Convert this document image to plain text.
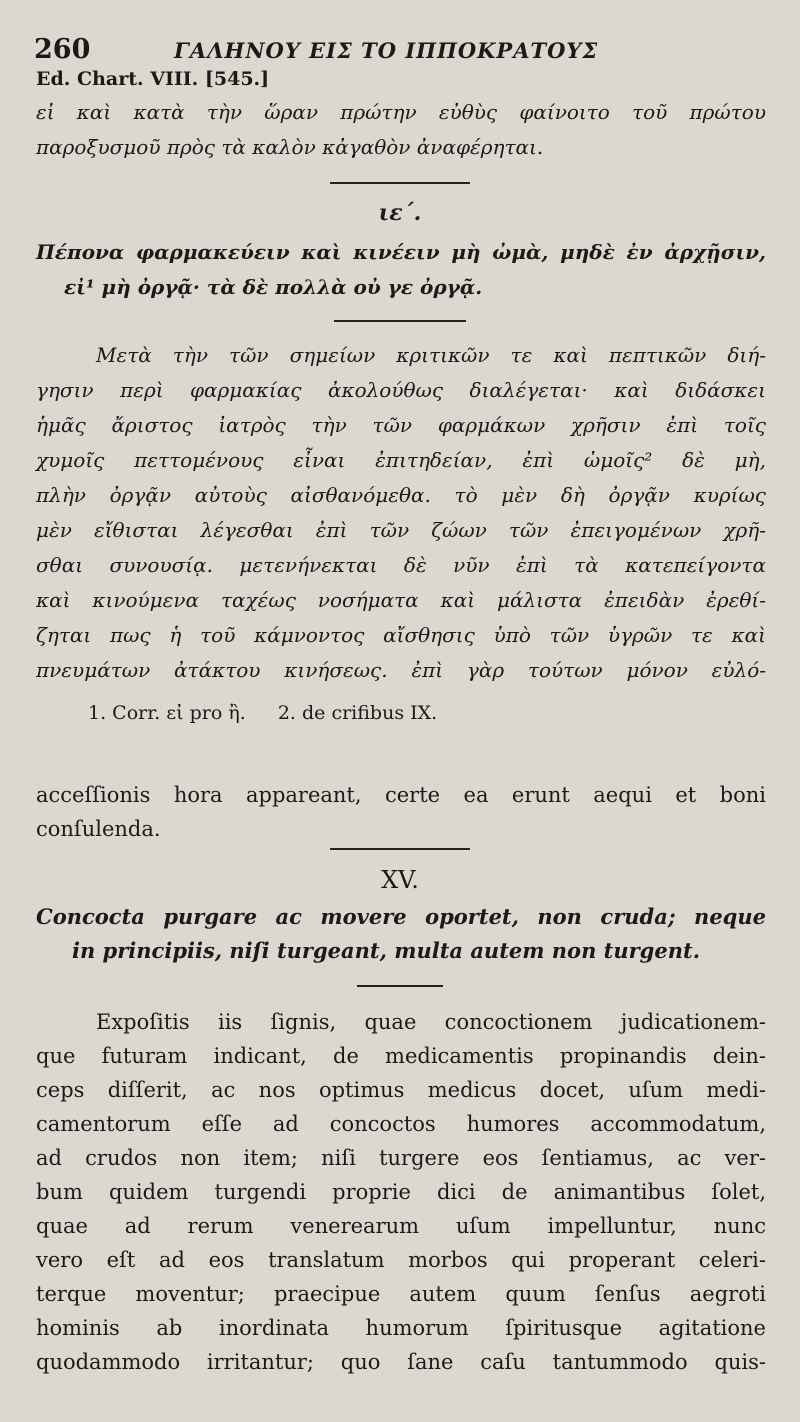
260	ΓΑΛΗΝΟΥ ΕΙΣ ΤΟ ΙΠΠΟΚΡΑΤΟΥΣ
Ed. Chart. VIII. [545.]
εἰ καὶ κατὰ τὴν ὥραν πρώτην εὐθὺς φαίνοιτο τοῦ πρώτου
παροξυσμοῦ πρὸς τὰ καλὸν κἀγαθὸν ἀναφέρηται.
ιε΄.
Πέπονα φαρμακεύειν καὶ κινέειν μὴ ὠμὰ, μηδὲ ἐν ἀρχῇσιν,
εἰ¹ μὴ ὀργᾷ· τὰ δὲ πολλὰ οὐ γε ὀργᾷ.
Μετὰ τὴν τῶν σημείων κριτικῶν τε καὶ πεπτικῶν διή-
γησιν περὶ φαρμακίας ἀκολούθως διαλέγεται· καὶ διδάσκει
ἡμᾶς ἄριστος ἰατρὸς τὴν τῶν φαρμάκων χρῆσιν ἐπὶ τοῖς
χυμοῖς πεττομένους εἶναι ἐπιτηδείαν, ἐπὶ ὠμοῖς² δὲ μὴ,
πλὴν ὀργᾷν αὐτοὺς αἰσθανόμεθα. τὸ μὲν δὴ ὀργᾷν κυρίως
μὲν εἴθισται λέγεσθαι ἐπὶ τῶν ζώων τῶν ἐπειγομένων χρῆ-
σθαι συνουσίᾳ. μετενήνεκται δὲ νῦν ἐπὶ τὰ κατεπείγοντα
καὶ κινούμενα ταχέως νοσήματα καὶ μάλιστα ἐπειδὰν ἐρεθί-
ζηται πως ἡ τοῦ κάμνοντος αἴσθησις ὑπὸ τῶν ὑγρῶν τε καὶ
πνευμάτων ἀτάκτου κινήσεως. ἐπὶ γὰρ τούτων μόνον εὐλό-
1. Corr. εἰ pro ἢ. 2. de crifibus IX.
acceſſionis hora appareant, certe ea erunt aequi et boni
conſulenda.
XV.
Concocta purgare ac movere oportet, non cruda; neque
in principiis, niſi turgeant, multa autem non turgent.
Expoſitis iis ſignis, quae concoctionem judicationem-
que futuram indicant, de medicamentis propinandis dein-
ceps diſſerit, ac nos optimus medicus docet, uſum medi-
camentorum eſſe ad concoctos humores accommodatum,
ad crudos non item; niſi turgere eos ſentiamus, ac ver-
bum quidem turgendi proprie dici de animantibus ſolet,
quae ad rerum venerearum uſum impelluntur, nunc
vero eſt ad eos translatum morbos qui properant celeri-
terque moventur; praecipue autem quum ſenſus aegroti
hominis ab inordinata humorum ſpiritusque agitatione
quodammodo irritantur; quo ſane caſu tantummodo quis-
